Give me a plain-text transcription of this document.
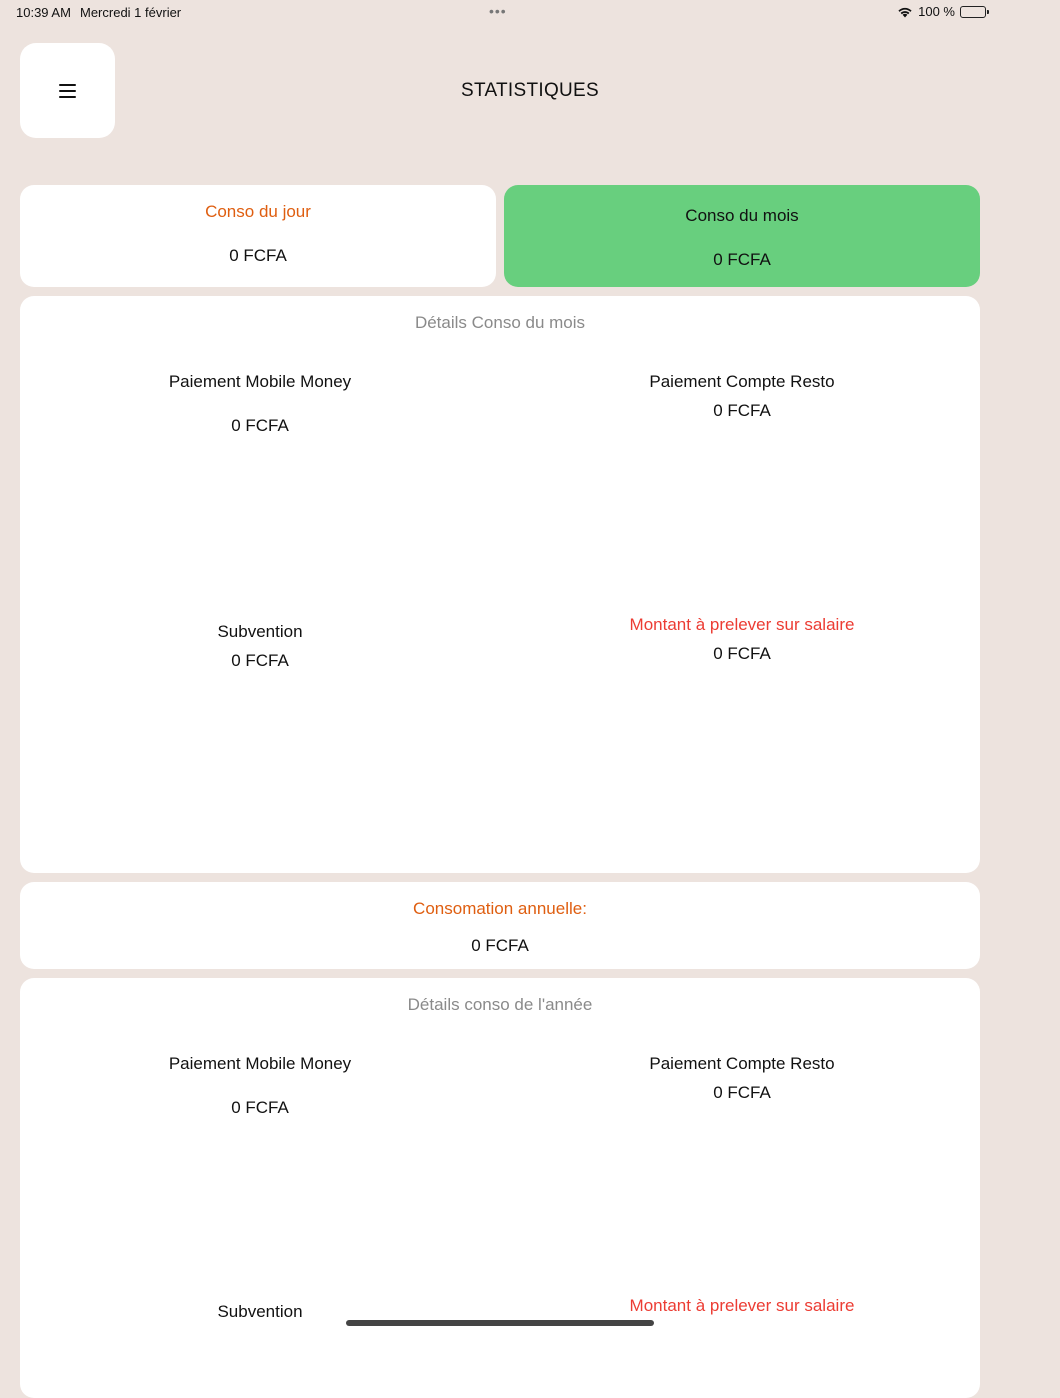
10:39 AM Mercredi 1 février	•••	100 %
STATISTIQUES
Conso du jour
0 FCFA
Conso du mois
0 FCFA
Détails Conso du mois
Paiement Mobile Money
0 FCFA
Paiement Compte Resto
0 FCFA
Subvention
0 FCFA
Montant à prelever sur salaire
0 FCFA
Consomation annuelle:
0 FCFA
Détails conso de l'année
Paiement Mobile Money
0 FCFA
Paiement Compte Resto
0 FCFA
Subvention	Montant à prelever sur salaire
